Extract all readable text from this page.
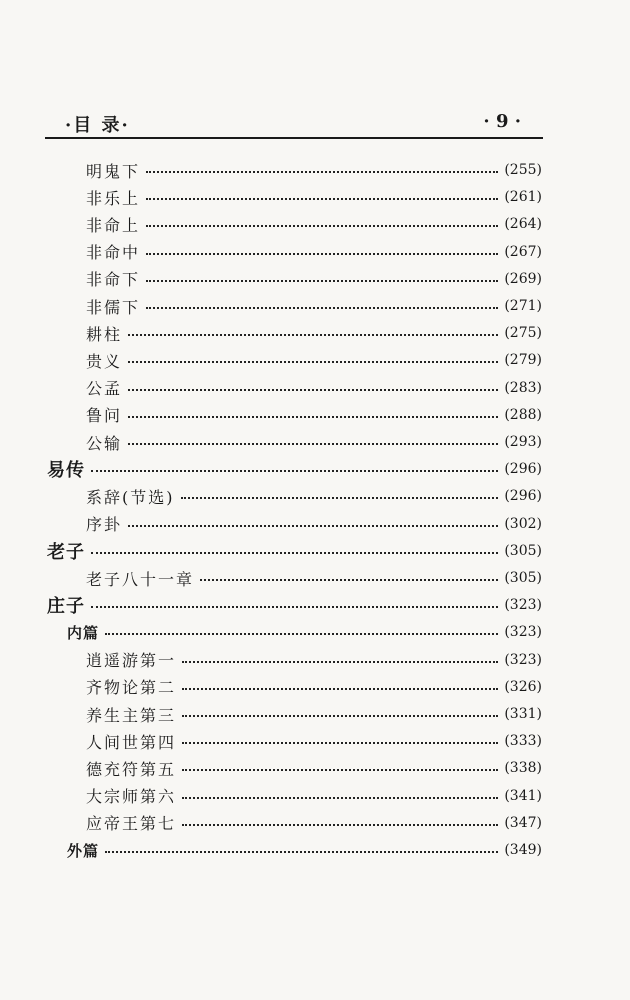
·目 录·	· 9 ·
明鬼下	(255)
非乐上	(261)
非命上	(264)
非命中	(267)
非命下	(269)
非儒下	(271)
耕柱	(275)
贵义	(279)
公孟	(283)
鲁问	(288)
公输	(293)
易传	(296)
系辞(节选)	(296)
序卦	(302)
老子	(305)
老子八十一章	(305)
庄子	(323)
内篇	(323)
逍遥游第一	(323)
齐物论第二	(326)
养生主第三	(331)
人间世第四	(333)
德充符第五	(338)
大宗师第六	(341)
应帝王第七	(347)
外篇	(349)
